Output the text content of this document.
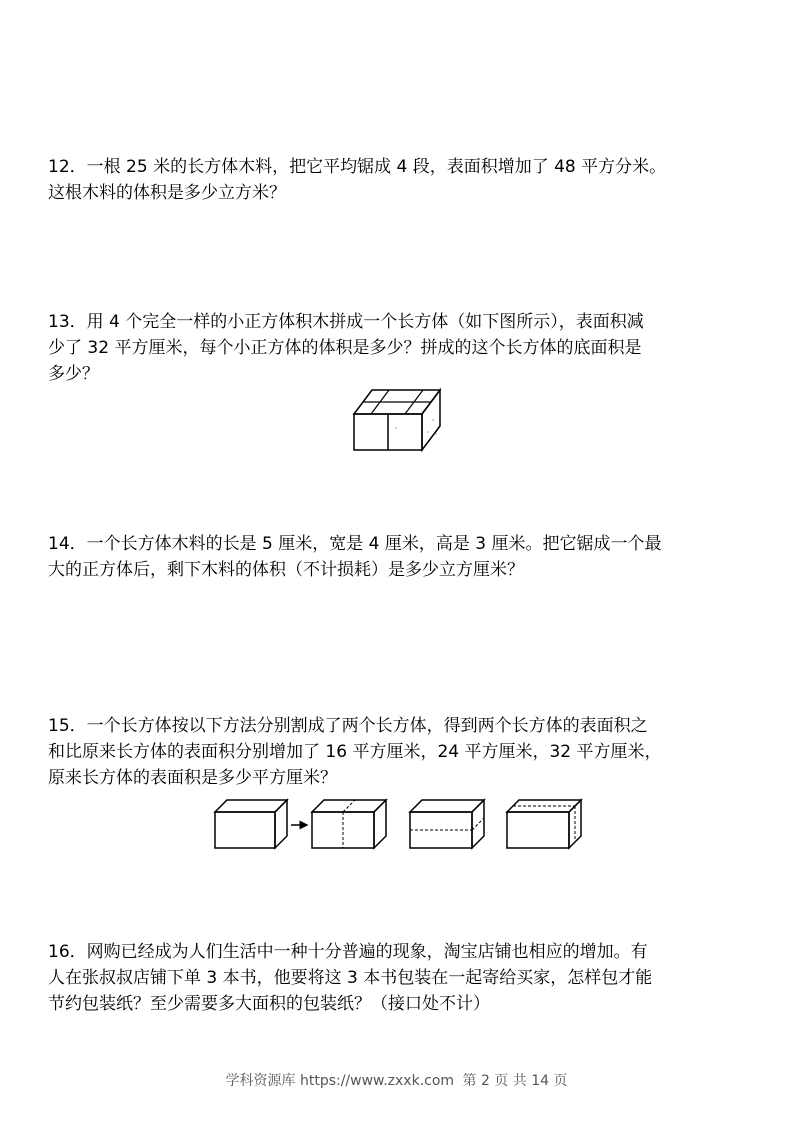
12．一根 25 米的长方体木料，把它平均锯成 4 段，表面积增加了 48 平方分米。
这根木料的体积是多少立方米？
13．用 4 个完全一样的小正方体积木拼成一个长方体（如下图所示），表面积减
少了 32 平方厘米，每个小正方体的体积是多少？拼成的这个长方体的底面积是
多少？
14．一个长方体木料的长是 5 厘米，宽是 4 厘米，高是 3 厘米。把它锯成一个最
大的正方体后，剩下木料的体积（不计损耗）是多少立方厘米？
15．一个长方体按以下方法分别割成了两个长方体，得到两个长方体的表面积之
和比原来长方体的表面积分别增加了 16 平方厘米，24 平方厘米，32 平方厘米，
原来长方体的表面积是多少平方厘米？
16．网购已经成为人们生活中一种十分普遍的现象，淘宝店铺也相应的增加。有
人在张叔叔店铺下单 3 本书，他要将这 3 本书包装在一起寄给买家，怎样包才能
节约包装纸？至少需要多大面积的包装纸？（接口处不计）
学科资源库 https://www.zxxk.com 第 2 页 共 14 页
